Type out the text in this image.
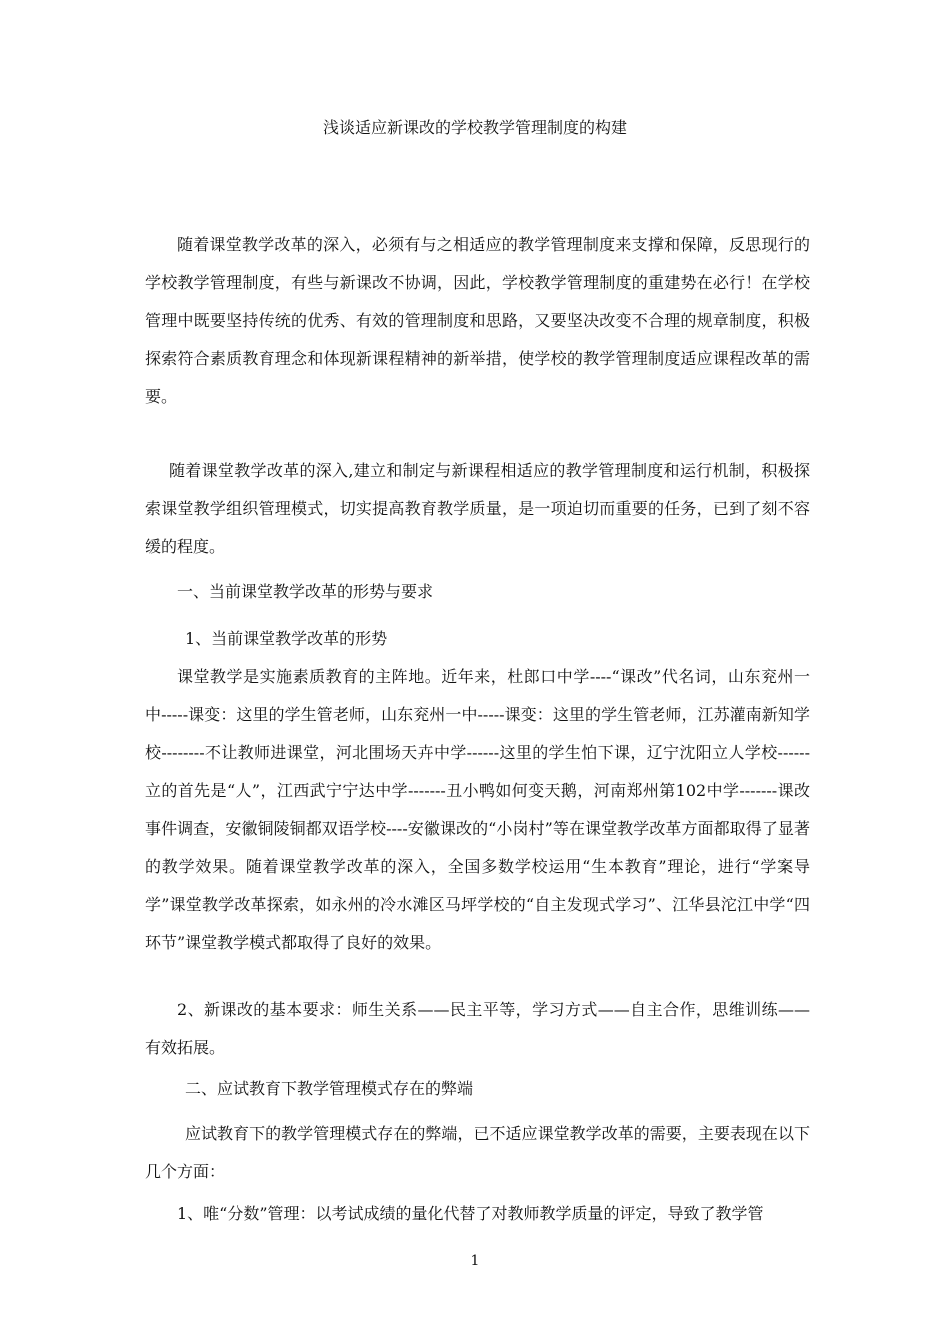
浅谈适应新课改的学校教学管理制度的构建

随着课堂教学改革的深入，必须有与之相适应的教学管理制度来支撑和保障，反思现行的学校教学管理制度，有些与新课改不协调，因此，学校教学管理制度的重建势在必行！在学校管理中既要坚持传统的优秀、有效的管理制度和思路，又要坚决改变不合理的规章制度，积极探索符合素质教育理念和体现新课程精神的新举措，使学校的教学管理制度适应课程改革的需要。

随着课堂教学改革的深入,建立和制定与新课程相适应的教学管理制度和运行机制，积极探索课堂教学组织管理模式，切实提高教育教学质量，是一项迫切而重要的任务，已到了刻不容缓的程度。

一、当前课堂教学改革的形势与要求

1、当前课堂教学改革的形势

课堂教学是实施素质教育的主阵地。近年来，杜郎口中学----“课改”代名词，山东兖州一中-----课变：这里的学生管老师，山东兖州一中-----课变：这里的学生管老师，江苏灌南新知学校--------不让教师进课堂，河北围场天卉中学------这里的学生怕下课，辽宁沈阳立人学校------立的首先是“人”，江西武宁宁达中学-------丑小鸭如何变天鹅，河南郑州第102中学-------课改事件调查，安徽铜陵铜都双语学校----安徽课改的“小岗村”等在课堂教学改革方面都取得了显著的教学效果。随着课堂教学改革的深入，全国多数学校运用“生本教育”理论，进行“学案导学”课堂教学改革探索，如永州的冷水滩区马坪学校的“自主发现式学习”、江华县沱江中学“四环节”课堂教学模式都取得了良好的效果。

2、新课改的基本要求：师生关系——民主平等，学习方式——自主合作，思维训练——有效拓展。

二、应试教育下教学管理模式存在的弊端

应试教育下的教学管理模式存在的弊端，已不适应课堂教学改革的需要，主要表现在以下几个方面：

1、唯“分数”管理：以考试成绩的量化代替了对教师教学质量的评定，导致了教学管

1
